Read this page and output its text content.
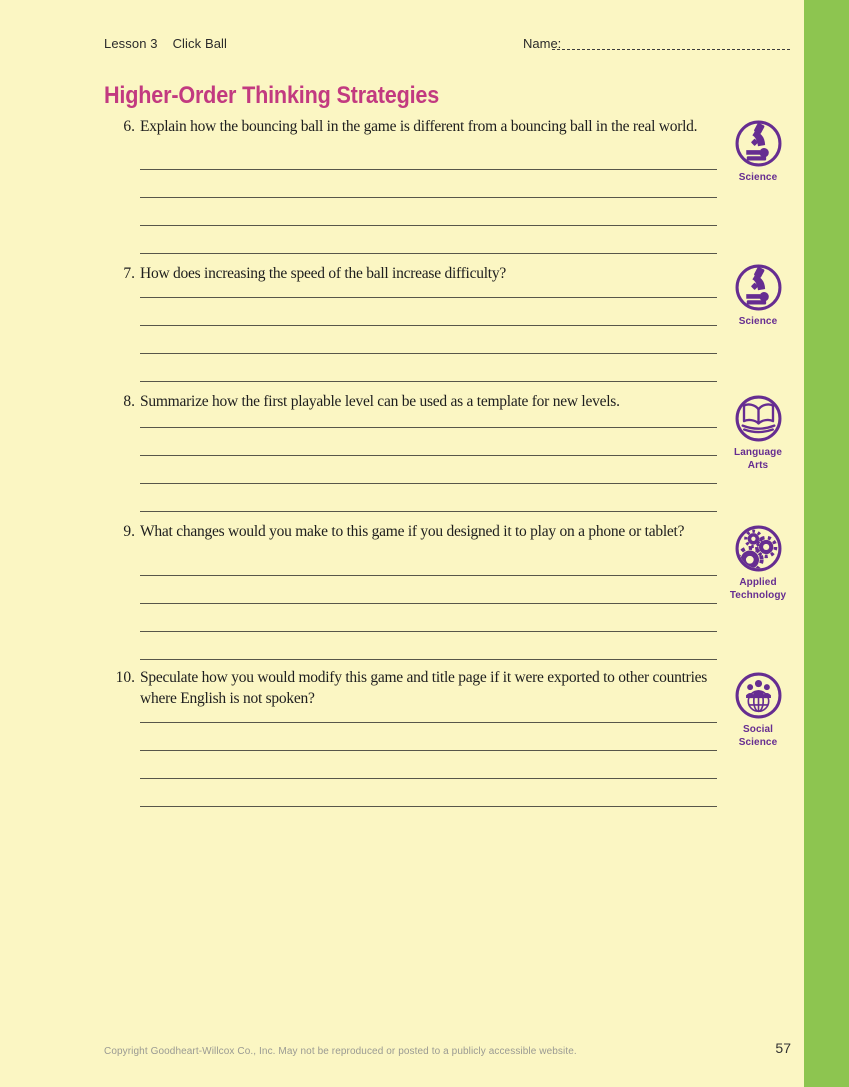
Lesson 3 Click Ball	Name:
Higher-Order Thinking Strategies
6. Explain how the bouncing ball in the game is different from a bouncing ball in the real world.
7. How does increasing the speed of the ball increase difficulty?
8. Summarize how the first playable level can be used as a template for new levels.
9. What changes would you make to this game if you designed it to play on a phone or tablet?
10. Speculate how you would modify this game and title page if it were exported to other countries where English is not spoken?
Science
Science
Language
Arts
Applied
Technology
Social
Science
Copyright Goodheart-Willcox Co., Inc. May not be reproduced or posted to a publicly accessible website.	57
